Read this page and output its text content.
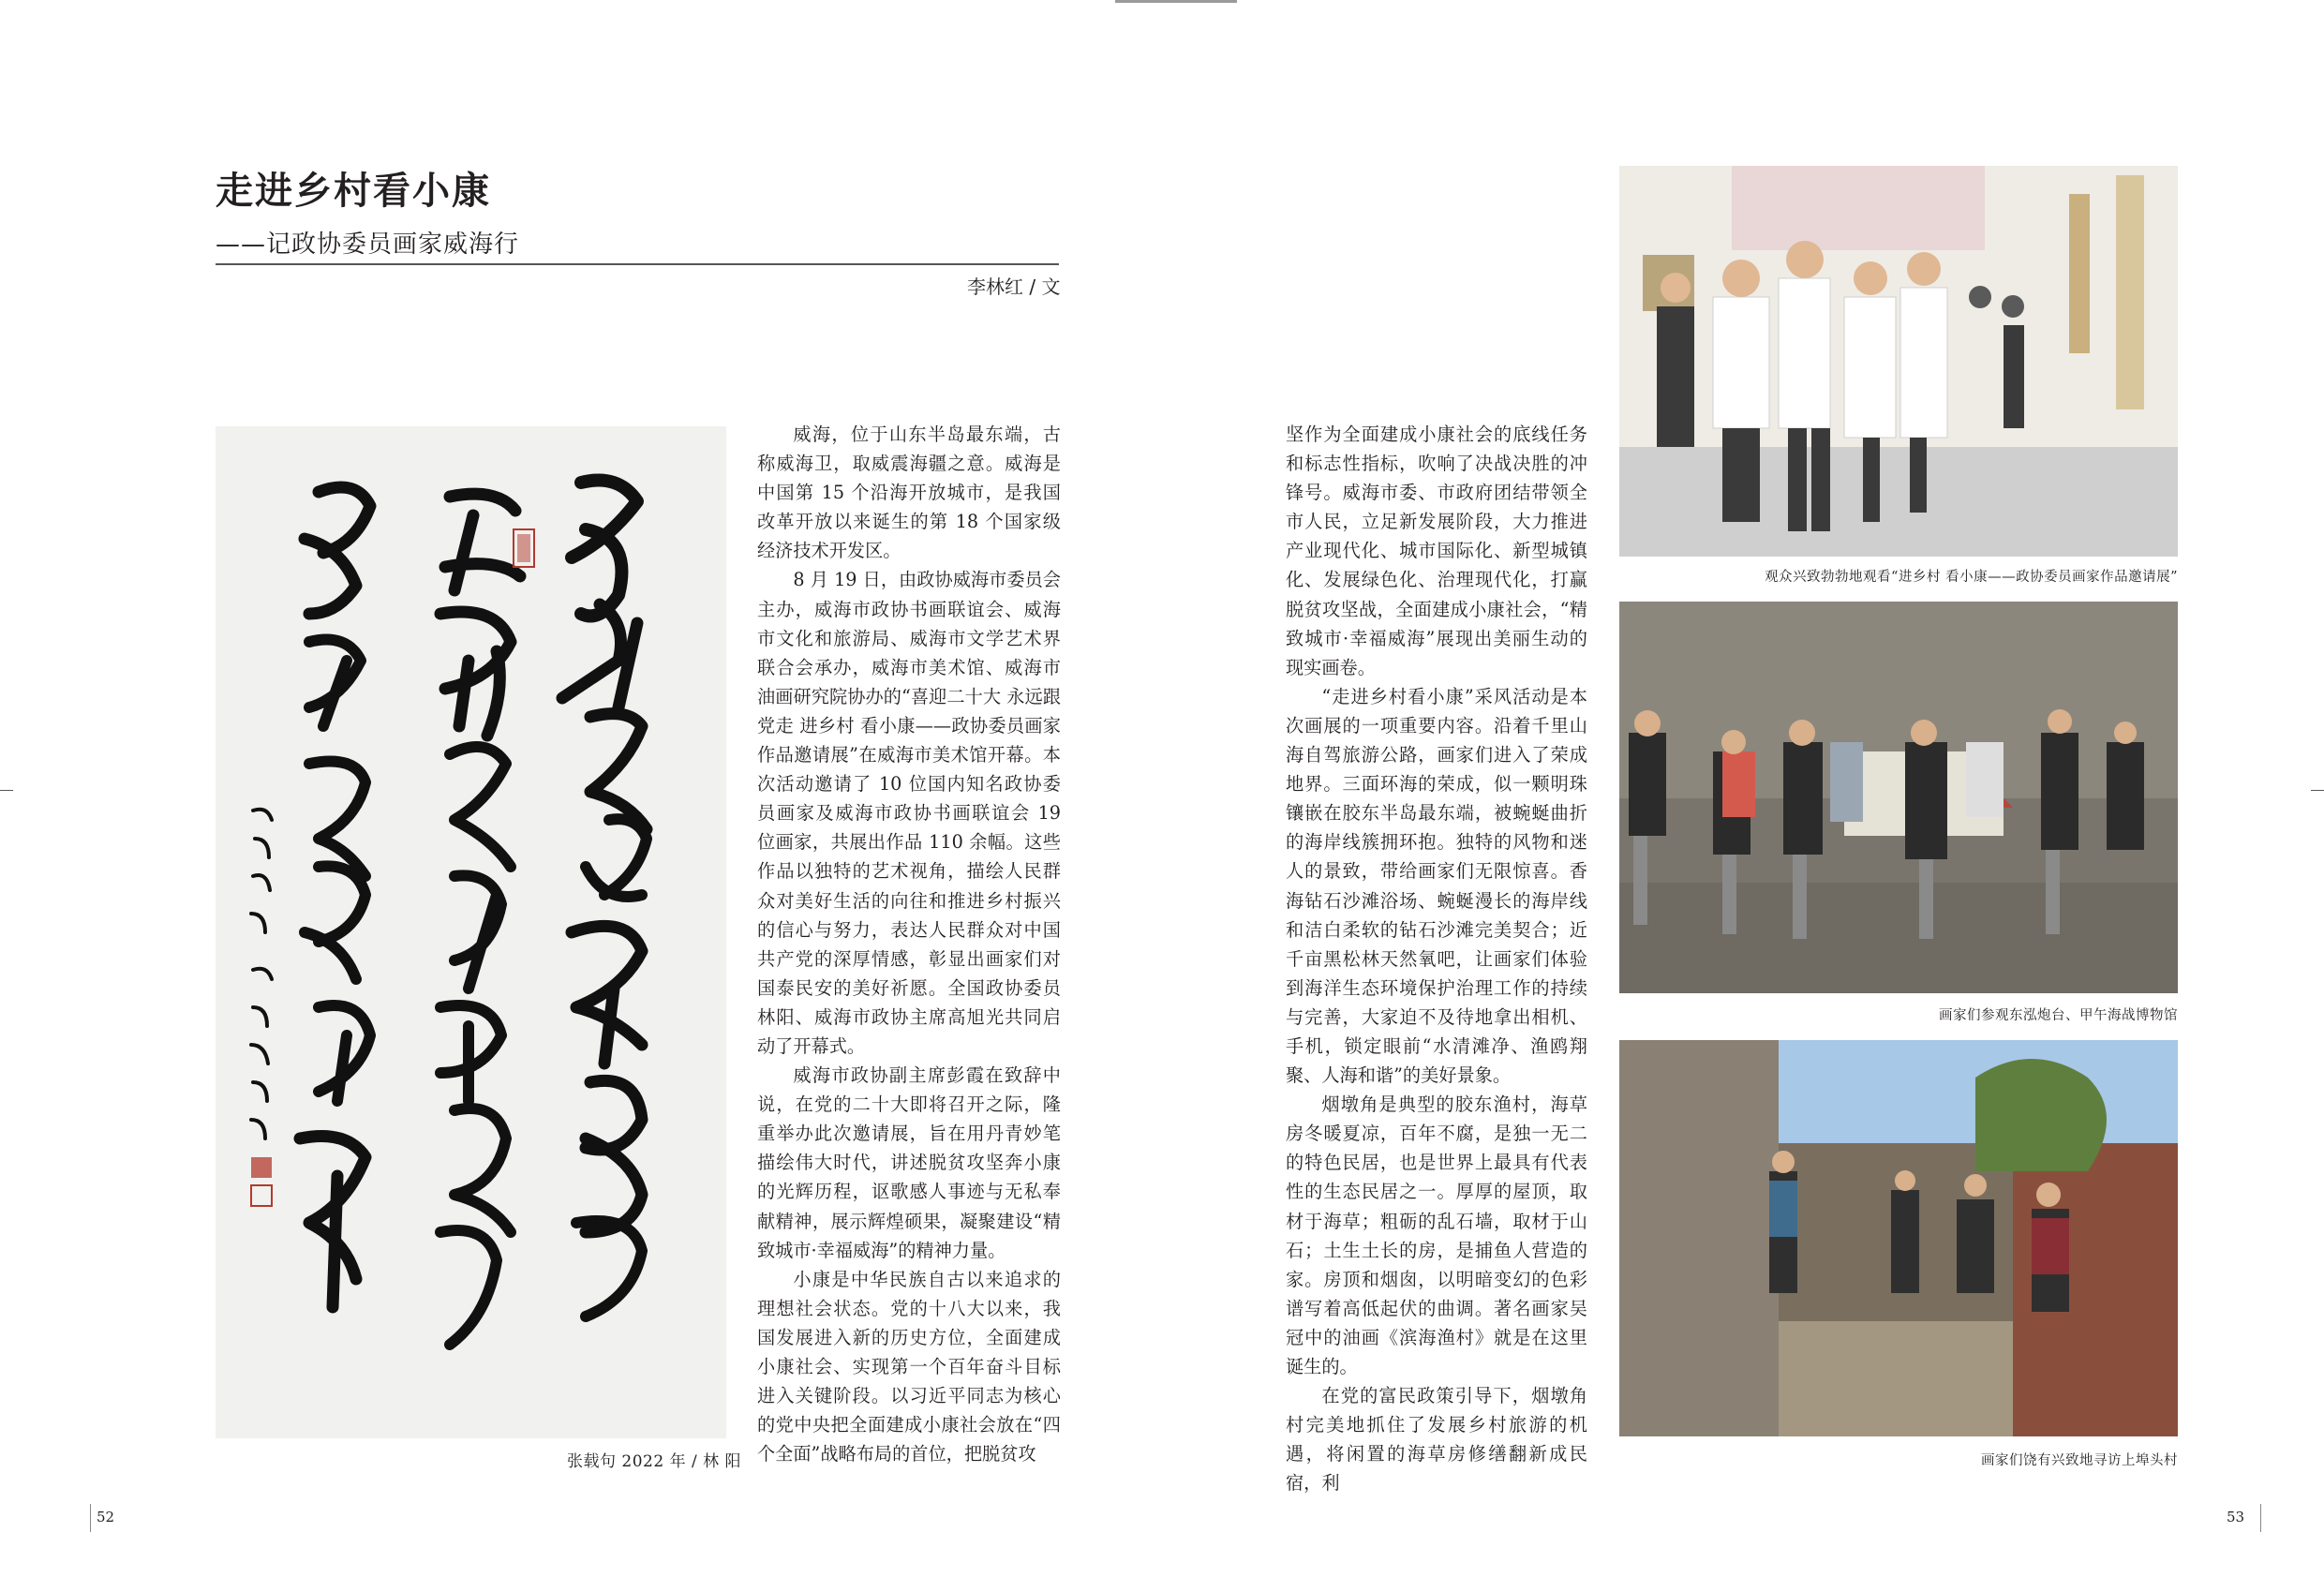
走进乡村看小康
——记政协委员画家威海行
李林红 / 文
张载句 2022 年 / 林 阳

威海，位于山东半岛最东端，古称威海卫，取威震海疆之意。威海是中国第 15 个沿海开放城市，是我国改革开放以来诞生的第 18 个国家级经济技术开发区。

8 月 19 日，由政协威海市委员会主办，威海市政协书画联谊会、威海市文化和旅游局、威海市文学艺术界联合会承办，威海市美术馆、威海市油画研究院协办的“喜迎二十大 永远跟党走 进乡村 看小康——政协委员画家作品邀请展”在威海市美术馆开幕。本次活动邀请了 10 位国内知名政协委员画家及威海市政协书画联谊会 19 位画家，共展出作品 110 余幅。这些作品以独特的艺术视角，描绘人民群众对美好生活的向往和推进乡村振兴的信心与努力，表达人民群众对中国共产党的深厚情感，彰显出画家们对国泰民安的美好祈愿。全国政协委员林阳、威海市政协主席高旭光共同启动了开幕式。

威海市政协副主席彭霞在致辞中说，在党的二十大即将召开之际，隆重举办此次邀请展，旨在用丹青妙笔描绘伟大时代，讲述脱贫攻坚奔小康的光辉历程，讴歌感人事迹与无私奉献精神，展示辉煌硕果，凝聚建设“精致城市·幸福威海”的精神力量。

小康是中华民族自古以来追求的理想社会状态。党的十八大以来，我国发展进入新的历史方位，全面建成小康社会、实现第一个百年奋斗目标进入关键阶段。以习近平同志为核心的党中央把全面建成小康社会放在“四个全面”战略布局的首位，把脱贫攻

坚作为全面建成小康社会的底线任务和标志性指标，吹响了决战决胜的冲锋号。威海市委、市政府团结带领全市人民，立足新发展阶段，大力推进产业现代化、城市国际化、新型城镇化、发展绿色化、治理现代化，打赢脱贫攻坚战，全面建成小康社会，“精致城市·幸福威海”展现出美丽生动的现实画卷。

“走进乡村看小康”采风活动是本次画展的一项重要内容。沿着千里山海自驾旅游公路，画家们进入了荣成地界。三面环海的荣成，似一颗明珠镶嵌在胶东半岛最东端，被蜿蜒曲折的海岸线簇拥环抱。独特的风物和迷人的景致，带给画家们无限惊喜。香海钻石沙滩浴场、蜿蜒漫长的海岸线和洁白柔软的钻石沙滩完美契合；近千亩黑松林天然氧吧，让画家们体验到海洋生态环境保护治理工作的持续与完善，大家迫不及待地拿出相机、手机，锁定眼前“水清滩净、渔鸥翔聚、人海和谐”的美好景象。

烟墩角是典型的胶东渔村，海草房冬暖夏凉，百年不腐，是独一无二的特色民居，也是世界上最具有代表性的生态民居之一。厚厚的屋顶，取材于海草；粗砺的乱石墙，取材于山石；土生土长的房，是捕鱼人营造的家。房顶和烟囱，以明暗变幻的色彩谱写着高低起伏的曲调。著名画家吴冠中的油画《滨海渔村》就是在这里诞生的。

在党的富民政策引导下，烟墩角村完美地抓住了发展乡村旅游的机遇，将闲置的海草房修缮翻新成民宿，利

观众兴致勃勃地观看“进乡村 看小康——政协委员画家作品邀请展”
画家们参观东泓炮台、甲午海战博物馆
画家们饶有兴致地寻访上埠头村
52	53
